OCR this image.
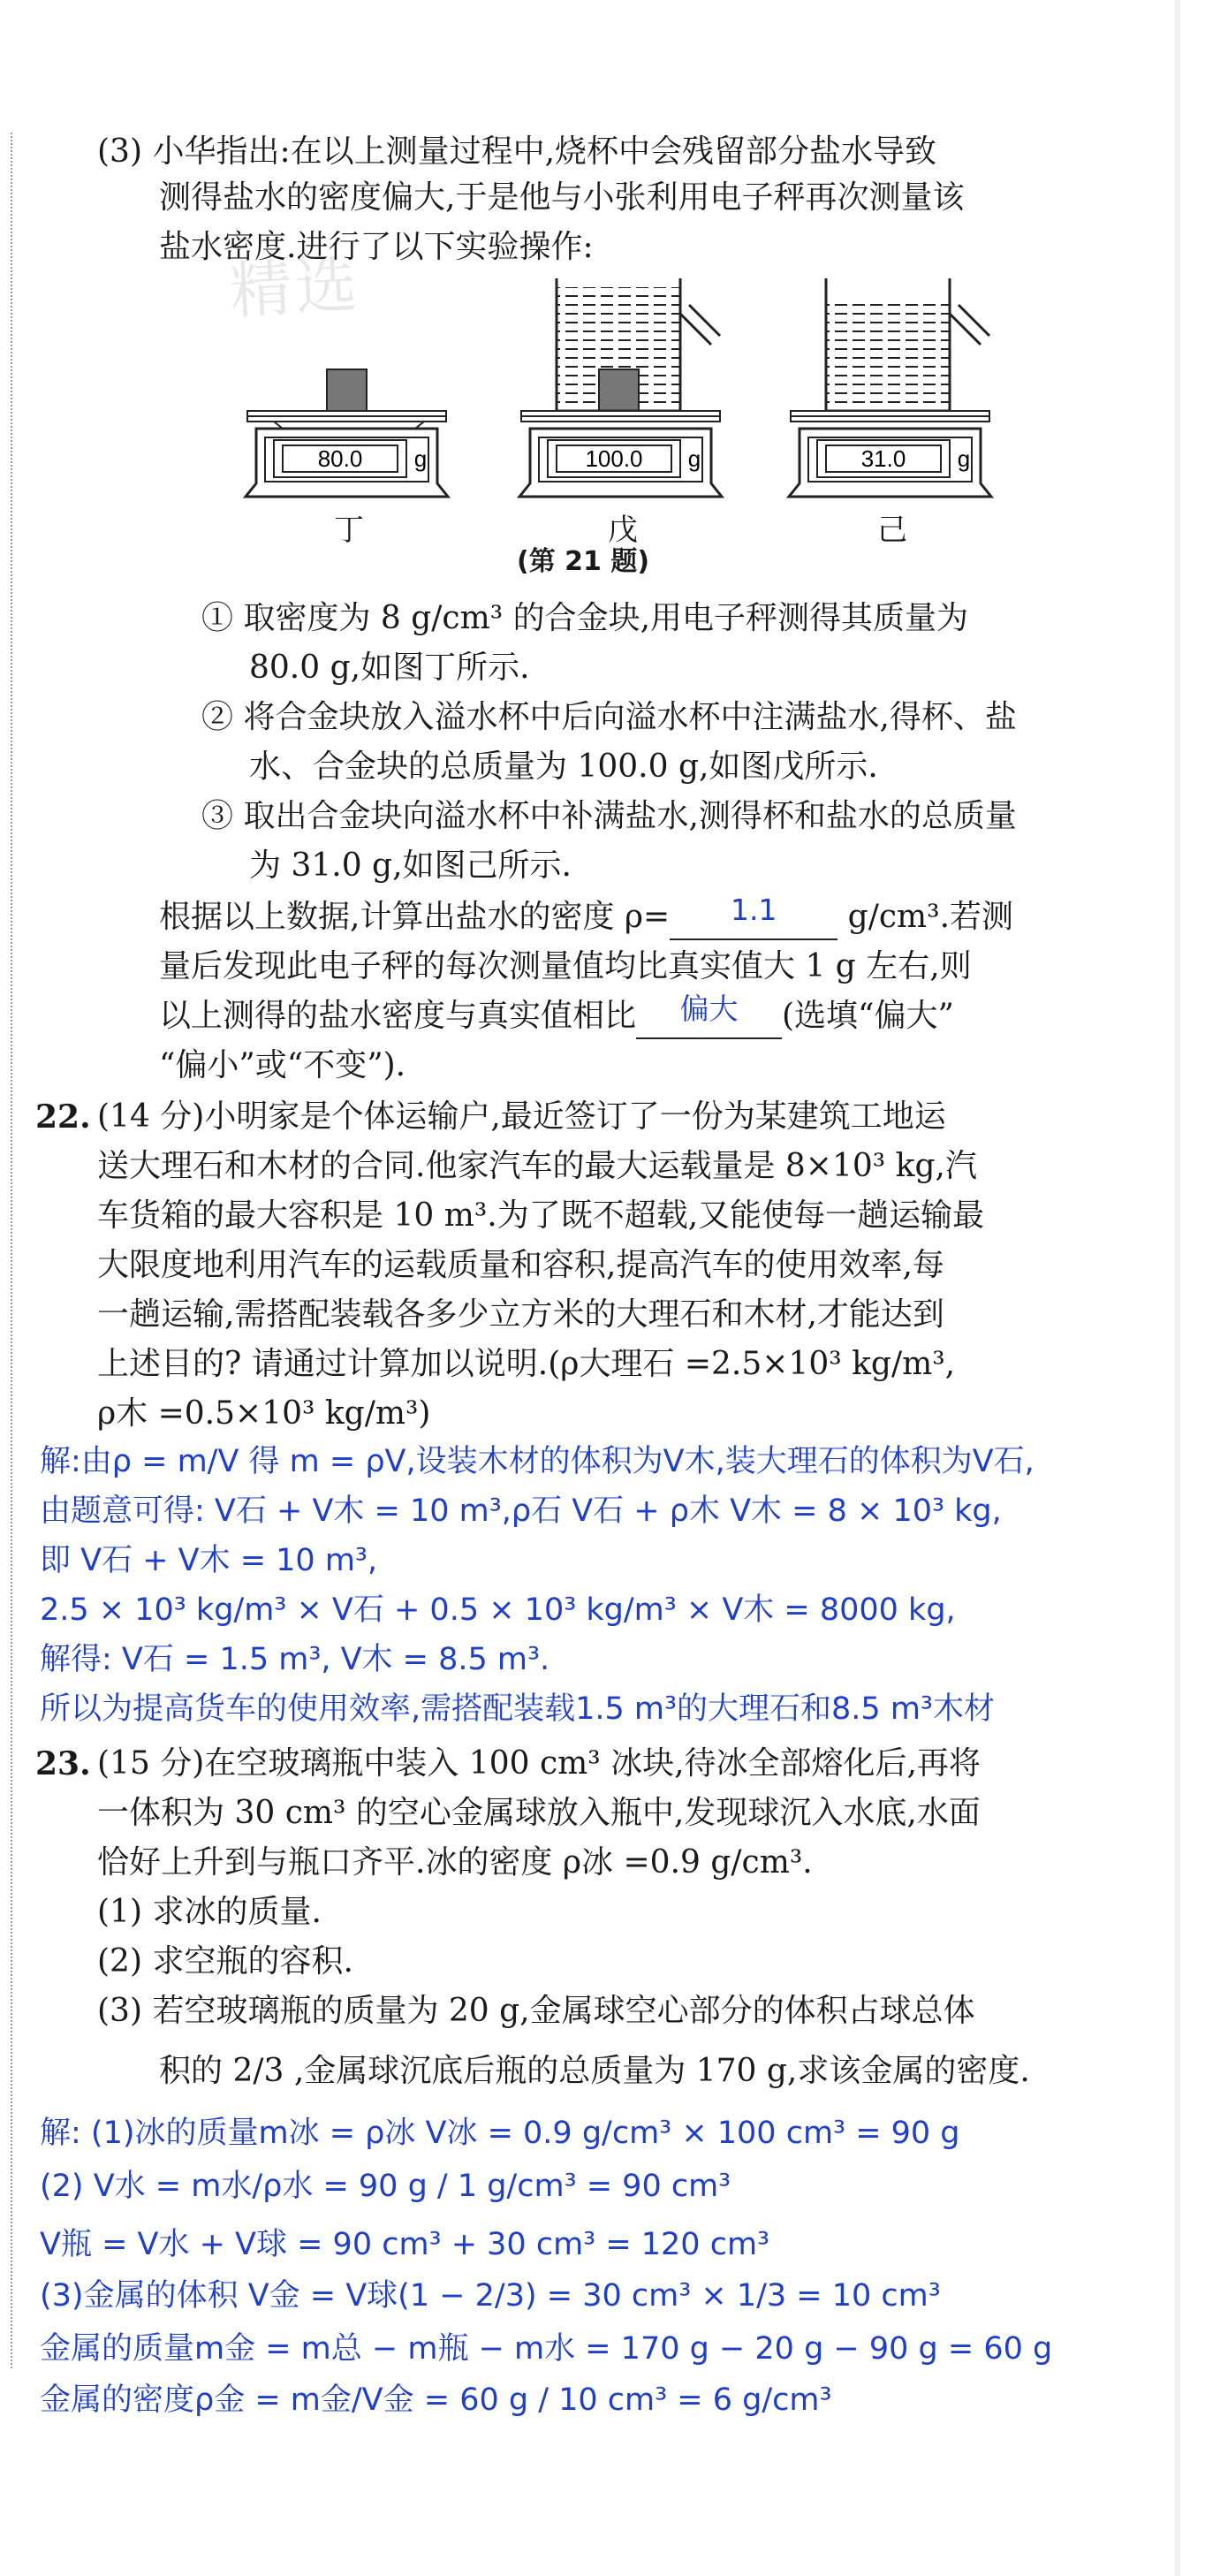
精选
(3) 小华指出:在以上测量过程中,烧杯中会残留部分盐水导致
测得盐水的密度偏大,于是他与小张利用电子秤再次测量该
盐水密度.进行了以下实验操作:
80.0 g	100.0 g	31.0 g
丁	戊	己
(第 21 题)
① 取密度为 8 g/cm³ 的合金块,用电子秤测得其质量为
80.0 g,如图丁所示.
② 将合金块放入溢水杯中后向溢水杯中注满盐水,得杯、盐
水、合金块的总质量为 100.0 g,如图戊所示.
③ 取出合金块向溢水杯中补满盐水,测得杯和盐水的总质量
为 31.0 g,如图己所示.
根据以上数据,计算出盐水的密度 ρ= 1.1 g/cm³.若测
量后发现此电子秤的每次测量值均比真实值大 1 g 左右,则
以上测得的盐水密度与真实值相比 偏大 (选填“偏大”
“偏小”或“不变”).
22. (14 分)小明家是个体运输户,最近签订了一份为某建筑工地运
送大理石和木材的合同.他家汽车的最大运载量是 8×10³ kg,汽
车货箱的最大容积是 10 m³.为了既不超载,又能使每一趟运输最
大限度地利用汽车的运载质量和容积,提高汽车的使用效率,每
一趟运输,需搭配装载各多少立方米的大理石和木材,才能达到
上述目的? 请通过计算加以说明.(ρ大理石 =2.5×10³ kg/m³,
ρ木 =0.5×10³ kg/m³)
解:由ρ = m/V 得 m = ρV,设装木材的体积为V木,装大理石的体积为V石,
由题意可得: V石 + V木 = 10 m³,ρ石 V石 + ρ木 V木 = 8 × 10³ kg,
即 V石 + V木 = 10 m³,
2.5 × 10³ kg/m³ × V石 + 0.5 × 10³ kg/m³ × V木 = 8000 kg,
解得: V石 = 1.5 m³, V木 = 8.5 m³.
所以为提高货车的使用效率,需搭配装载1.5 m³的大理石和8.5 m³木材
23. (15 分)在空玻璃瓶中装入 100 cm³ 冰块,待冰全部熔化后,再将
一体积为 30 cm³ 的空心金属球放入瓶中,发现球沉入水底,水面
恰好上升到与瓶口齐平.冰的密度 ρ冰 =0.9 g/cm³.
(1) 求冰的质量.
(2) 求空瓶的容积.
(3) 若空玻璃瓶的质量为 20 g,金属球空心部分的体积占球总体
积的 2/3 ,金属球沉底后瓶的总质量为 170 g,求该金属的密度.
解: (1)冰的质量m冰 = ρ冰 V冰 = 0.9 g/cm³ × 100 cm³ = 90 g
(2) V水 = m水/ρ水 = 90 g / 1 g/cm³ = 90 cm³
V瓶 = V水 + V球 = 90 cm³ + 30 cm³ = 120 cm³
(3)金属的体积 V金 = V球(1 − 2/3) = 30 cm³ × 1/3 = 10 cm³
金属的质量m金 = m总 − m瓶 − m水 = 170 g − 20 g − 90 g = 60 g
金属的密度ρ金 = m金/V金 = 60 g / 10 cm³ = 6 g/cm³
